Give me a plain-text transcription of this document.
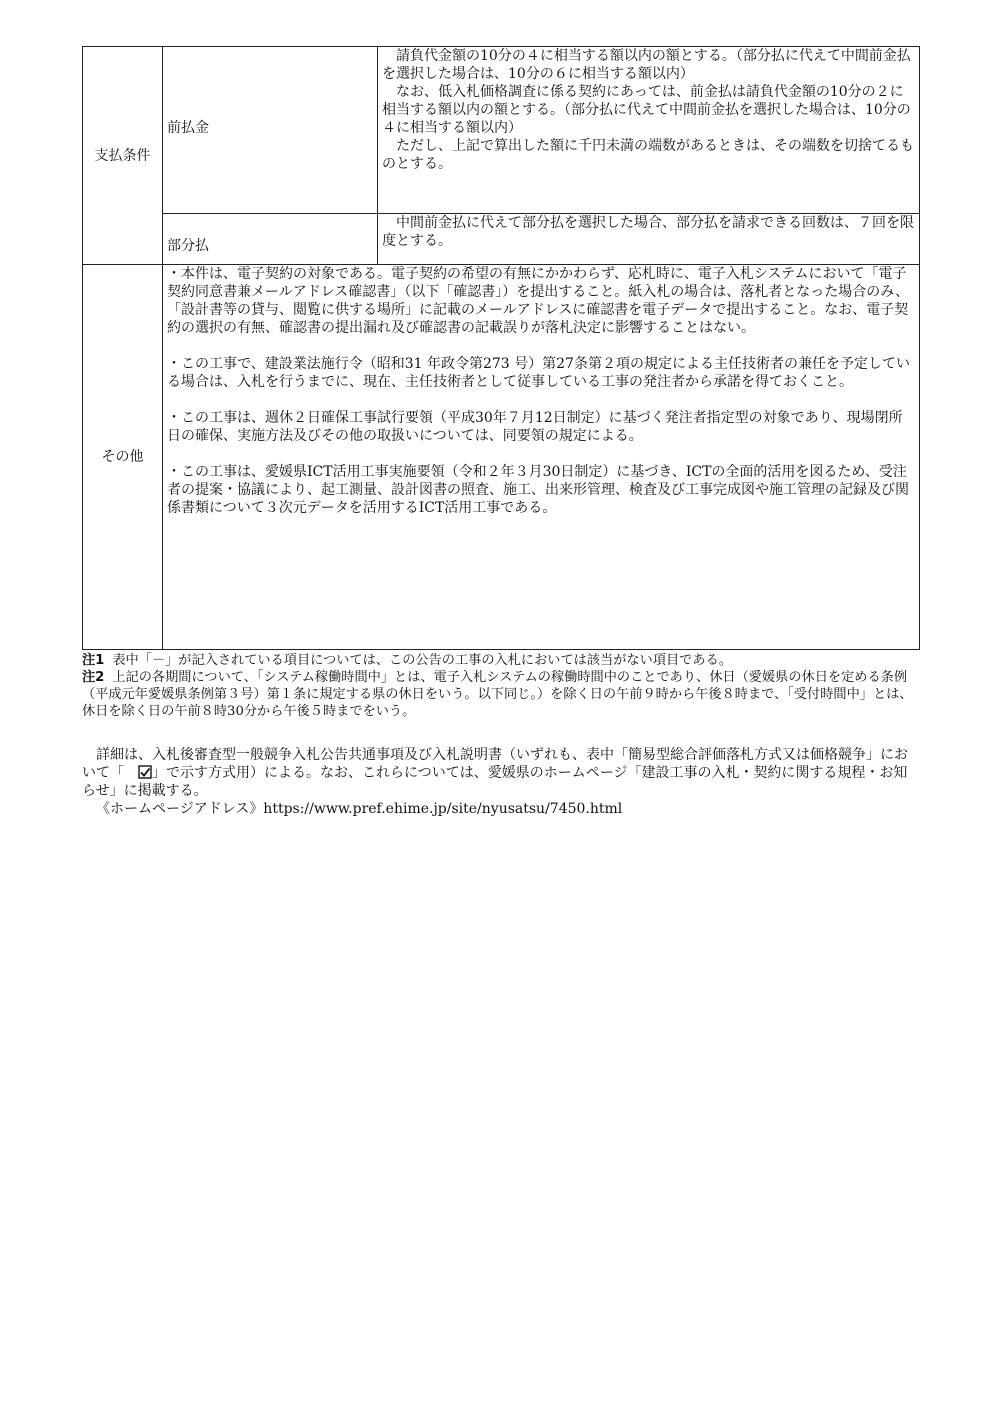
支払条件	前払金	請負代金額の10分の４に相当する額以内の額とする。（部分払に代えて中間前金払を選択した場合は、10分の６に相当する額以内）

なお、低入札価格調査に係る契約にあっては、前金払は請負代金額の10分の２に相当する額以内の額とする。（部分払に代えて中間前金払を選択した場合は、10分の４に相当する額以内）

ただし、上記で算出した額に千円未満の端数があるときは、その端数を切捨てるものとする。

	部分払	中間前金払に代えて部分払を選択した場合、部分払を請求できる回数は、７回を限度とする。

その他	・本件は、電子契約の対象である。電子契約の希望の有無にかかわらず、応札時に、電子入札システムにおいて「電子契約同意書兼メールアドレス確認書」（以下「確認書」）を提出すること。紙入札の場合は、落札者となった場合のみ、「設計書等の貸与、閲覧に供する場所」に記載のメールアドレスに確認書を電子データで提出すること。なお、電子契約の選択の有無、確認書の提出漏れ及び確認書の記載誤りが落札決定に影響することはない。

・この工事で、建設業法施行令（昭和31 年政令第273 号）第27条第２項の規定による主任技術者の兼任を予定している場合は、入札を行うまでに、現在、主任技術者として従事している工事の発注者から承諾を得ておくこと。

・この工事は、週休２日確保工事試行要領（平成30年７月12日制定）に基づく発注者指定型の対象であり、現場閉所日の確保、実施方法及びその他の取扱いについては、同要領の規定による。

・この工事は、愛媛県ICT活用工事実施要領（令和２年３月30日制定）に基づき、ICTの全面的活用を図るため、受注者の提案・協議により、起工測量、設計図書の照査、施工、出来形管理、検査及び工事完成図や施工管理の記録及び関係書類について３次元データを活用するICT活用工事である。	

注1 表中「－」が記入されている項目については、この公告の工事の入札においては該当がない項目である。

注2 上記の各期間について、「システム稼働時間中」とは、電子入札システムの稼働時間中のことであり、休日（愛媛県の休日を定める条例（平成元年愛媛県条例第３号）第１条に規定する県の休日をいう。以下同じ。）を除く日の午前９時から午後８時まで、「受付時間中」とは、休日を除く日の午前８時30分から午後５時までをいう。

詳細は、入札後審査型一般競争入札公告共通事項及び入札説明書（いずれも、表中「簡易型総合評価落札方式又は価格競争」において「 」で示す方式用）による。なお、これらについては、愛媛県のホームページ「建設工事の入札・契約に関する規程・お知らせ」に掲載する。

《ホームページアドレス》https://www.pref.ehime.jp/site/nyusatsu/7450.html
